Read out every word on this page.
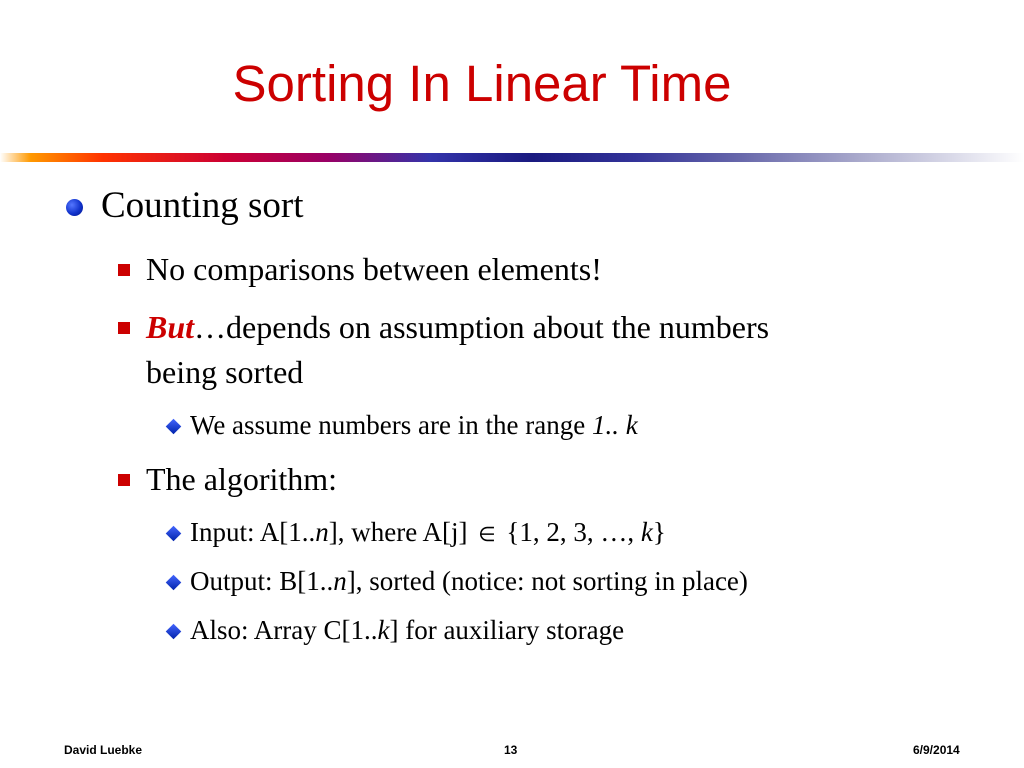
Sorting In Linear Time
Counting sort
No comparisons between elements!
But…depends on assumption about the numbers
being sorted
We assume numbers are in the range 1.. k
The algorithm:
Input: A[1..n], where A[j] ∈ {1, 2, 3, …, k}
Output: B[1..n], sorted (notice: not sorting in place)
Also: Array C[1..k] for auxiliary storage
David Luebke	13	6/9/2014
